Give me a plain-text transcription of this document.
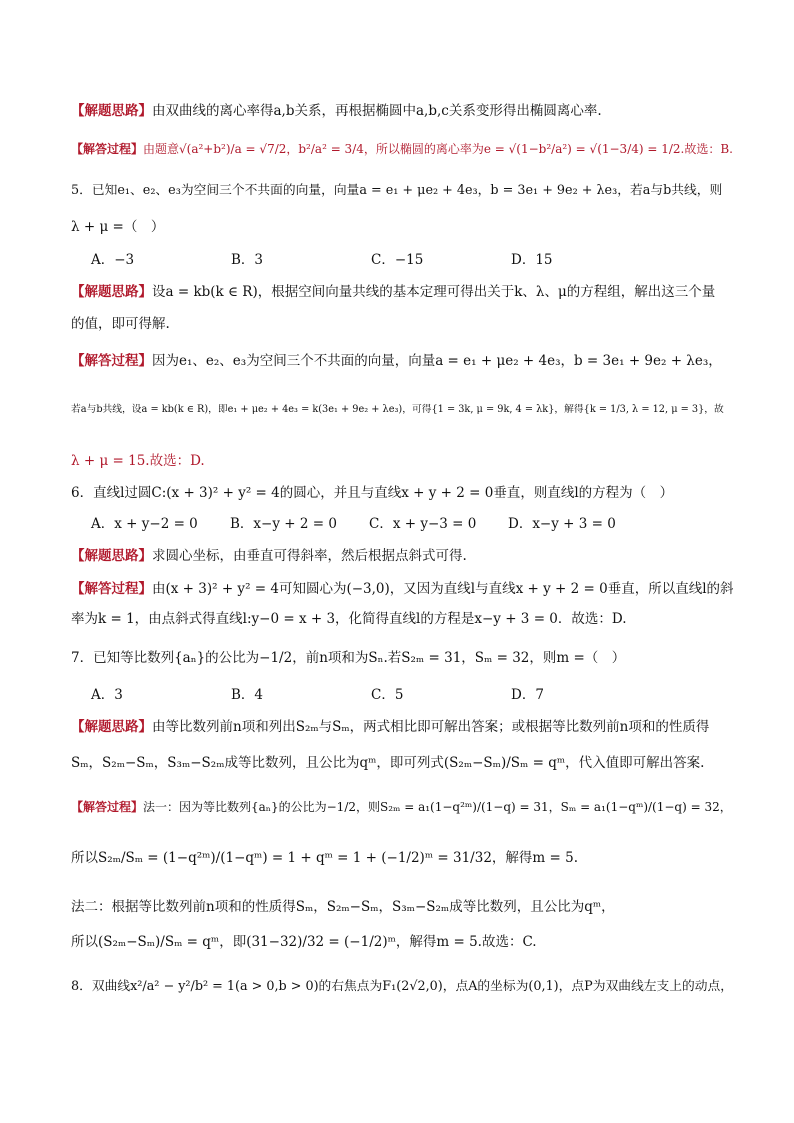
【解题思路】由双曲线的离心率得a,b关系，再根据椭圆中a,b,c关系变形得出椭圆离心率.
【解答过程】由题意√(a²+b²)/a = √7/2，b²/a² = 3/4，所以椭圆的离心率为e = √(1−b²/a²) = √(1−3/4) = 1/2.故选：B.
5．已知e₁、e₂、e₃为空间三个不共面的向量，向量a = e₁ + μe₂ + 4e₃，b = 3e₁ + 9e₂ + λe₃，若a与b共线，则
λ + μ =（　）
A．−3	B．3	C．−15	D．15
【解题思路】设a = kb(k ∈ R)，根据空间向量共线的基本定理可得出关于k、λ、μ的方程组，解出这三个量
的值，即可得解.
【解答过程】因为e₁、e₂、e₃为空间三个不共面的向量，向量a = e₁ + μe₂ + 4e₃，b = 3e₁ + 9e₂ + λe₃，
若a与b共线，设a = kb(k ∈ R)，即e₁ + μe₂ + 4e₃ = k(3e₁ + 9e₂ + λe₃)，可得{1 = 3k, μ = 9k, 4 = λk}，解得{k = 1/3, λ = 12, μ = 3}，故
λ + μ = 15.故选：D.
6．直线l过圆C:(x + 3)² + y² = 4的圆心，并且与直线x + y + 2 = 0垂直，则直线l的方程为（　）
A．x + y−2 = 0	B．x−y + 2 = 0	C．x + y−3 = 0	D．x−y + 3 = 0
【解题思路】求圆心坐标，由垂直可得斜率，然后根据点斜式可得.
【解答过程】由(x + 3)² + y² = 4可知圆心为(−3,0)，又因为直线l与直线x + y + 2 = 0垂直，所以直线l的斜
率为k = 1，由点斜式得直线l:y−0 = x + 3，化简得直线l的方程是x−y + 3 = 0．故选：D.
7．已知等比数列{aₙ}的公比为−1/2，前n项和为Sₙ.若S₂ₘ = 31，Sₘ = 32，则m =（　）
A．3	B．4	C．5	D．7
【解题思路】由等比数列前n项和列出S₂ₘ与Sₘ，两式相比即可解出答案；或根据等比数列前n项和的性质得
Sₘ，S₂ₘ−Sₘ，S₃ₘ−S₂ₘ成等比数列，且公比为qᵐ，即可列式(S₂ₘ−Sₘ)/Sₘ = qᵐ，代入值即可解出答案.
【解答过程】法一：因为等比数列{aₙ}的公比为−1/2，则S₂ₘ = a₁(1−q²ᵐ)/(1−q) = 31，Sₘ = a₁(1−qᵐ)/(1−q) = 32，
所以S₂ₘ/Sₘ = (1−q²ᵐ)/(1−qᵐ) = 1 + qᵐ = 1 + (−1/2)ᵐ = 31/32，解得m = 5.
法二：根据等比数列前n项和的性质得Sₘ，S₂ₘ−Sₘ，S₃ₘ−S₂ₘ成等比数列，且公比为qᵐ，
所以(S₂ₘ−Sₘ)/Sₘ = qᵐ，即(31−32)/32 = (−1/2)ᵐ，解得m = 5.故选：C.
8．双曲线x²/a² − y²/b² = 1(a > 0,b > 0)的右焦点为F₁(2√2,0)，点A的坐标为(0,1)，点P为双曲线左支上的动点，
